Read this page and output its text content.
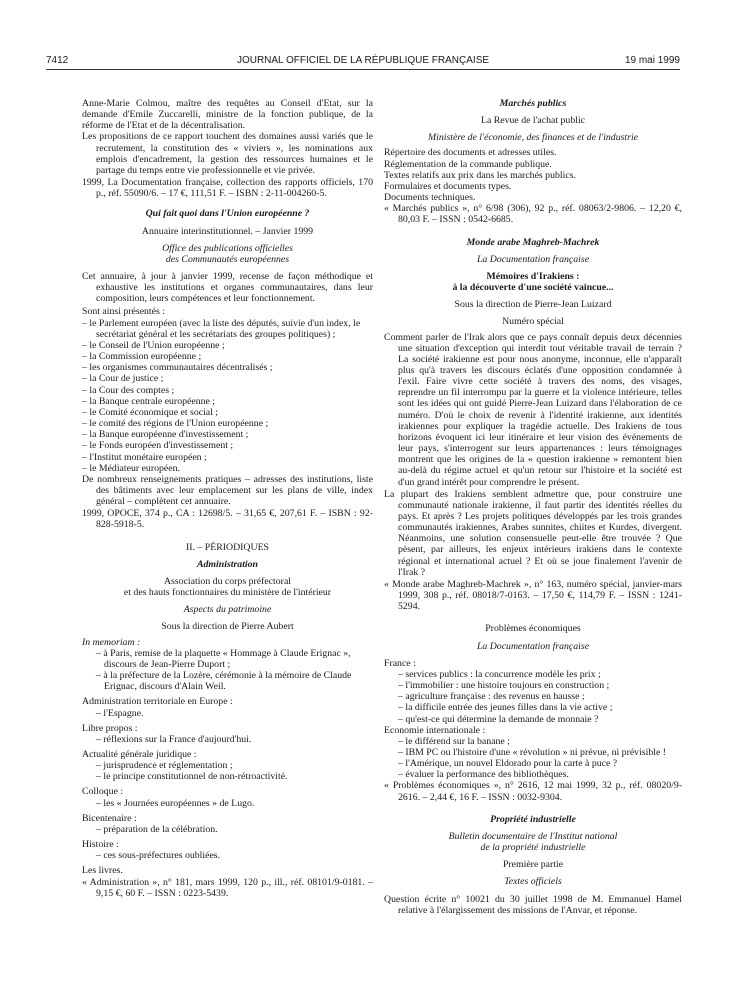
7412	JOURNAL OFFICIEL DE LA RÉPUBLIQUE FRANÇAISE	19 mai 1999

Anne-Marie Colmou, maître des requêtes au Conseil d'Etat, sur la demande d'Emile Zuccarelli, ministre de la fonction publique, de la réforme de l'Etat et de la décentralisation.

Les propositions de ce rapport touchent des domaines aussi variés que le recrutement, la constitution des « viviers », les nominations aux emplois d'encadrement, la gestion des ressources humaines et le partage du temps entre vie professionnelle et vie privée.

1999, La Documentation française, collection des rapports officiels, 170 p., réf. 55090/6. – 17 €, 111,51 F. – ISBN : 2-11-004260-5.

Qui fait quoi dans l'Union européenne ?

Annuaire interinstitutionnel. – Janvier 1999

Office des publications officielles

des Communautés européennes

Cet annuaire, à jour à janvier 1999, recense de façon méthodique et exhaustive les institutions et organes communautaires, dans leur composition, leurs compétences et leur fonctionnement.

Sont ainsi présentés :

– le Parlement européen (avec la liste des députés, suivie d'un index, le secrétariat général et les secrétariats des groupes politiques) ;

– le Conseil de l'Union européenne ;

– la Commission européenne ;

– les organismes communautaires décentralisés ;

– la Cour de justice ;

– la Cour des comptes ;

– la Banque centrale européenne ;

– le Comité économique et social ;

– le comité des régions de l'Union européenne ;

– la Banque européenne d'investissement ;

– le Fonds européen d'investissement ;

– l'Institut monétaire européen ;

– le Médiateur européen.

De nombreux renseignements pratiques – adresses des institutions, liste des bâtiments avec leur emplacement sur les plans de ville, index général – complètent cet annuaire.

1999, OPOCE, 374 p., CA : 12698/5. – 31,65 €, 207,61 F. – ISBN : 92-828-5918-5.

II. – PÉRIODIQUES

Administration

Association du corps préfectoral

et des hauts fonctionnaires du ministère de l'intérieur

Aspects du patrimoine

Sous la direction de Pierre Aubert

In memoriam :

– à Paris, remise de la plaquette « Hommage à Claude Erignac », discours de Jean-Pierre Duport ;

– à la préfecture de la Lozère, cérémonie à la mémoire de Claude Erignac, discours d'Alain Weil.

Administration territoriale en Europe :

– l'Espagne.

Libre propos :

– réflexions sur la France d'aujourd'hui.

Actualité générale juridique :

– jurisprudence et réglementation ;

– le principe constitutionnel de non-rétroactivité.

Colloque :

– les « Journées européennes » de Lugo.

Bicentenaire :

– préparation de la célébration.

Histoire :

– ces sous-préfectures oubliées.

Les livres.

« Administration », n° 181, mars 1999, 120 p., ill., réf. 08101/9-0181. – 9,15 €, 60 F. – ISSN : 0223-5439.

Marchés publics

La Revue de l'achat public

Ministère de l'économie, des finances et de l'industrie

Répertoire des documents et adresses utiles.

Réglementation de la commande publique.

Textes relatifs aux prix dans les marchés publics.

Formulaires et documents types.

Documents techniques.

« Marchés publics », n° 6/98 (306), 92 p., réf. 08063/2-9806. – 12,20 €, 80,03 F. – ISSN : 0542-6685.

Monde arabe Maghreb-Machrek

La Documentation française

Mémoires d'Irakiens :

à la découverte d'une société vaincue...

Sous la direction de Pierre-Jean Luizard

Numéro spécial

Comment parler de l'Irak alors que ce pays connaît depuis deux décennies une situation d'exception qui interdit tout véritable travail de terrain ? La société irakienne est pour nous anonyme, inconnue, elle n'apparaît plus qu'à travers les discours éclatés d'une opposition condamnée à l'exil. Faire vivre cette société à travers des noms, des visages, reprendre un fil interrompu par la guerre et la violence intérieure, telles sont les idées qui ont guidé Pierre-Jean Luizard dans l'élaboration de ce numéro. D'où le choix de revenir à l'identité irakienne, aux identités irakiennes pour expliquer la tragédie actuelle. Des Irakiens de tous horizons évoquent ici leur itinéraire et leur vision des événements de leur pays, s'interrogent sur leurs appartenances : leurs témoignages montrent que les origines de la « question irakienne » remontent bien au-delà du régime actuel et qu'un retour sur l'histoire et la société est d'un grand intérêt pour comprendre le présent.

La plupart des Irakiens semblent admettre que, pour construire une communauté nationale irakienne, il faut partir des identités réelles du pays. Et après ? Les projets politiques développés par les trois grandes communautés irakiennes, Arabes sunnites, chiites et Kurdes, divergent. Néanmoins, une solution consensuelle peut-elle être trouvée ? Que pèsent, par ailleurs, les enjeux intérieurs irakiens dans le contexte régional et international actuel ? Et où se joue finalement l'avenir de l'Irak ?

« Monde arabe Maghreb-Machrek », n° 163, numéro spécial, janvier-mars 1999, 308 p., réf. 08018/7-0163. – 17,50 €, 114,79 F. – ISSN : 1241-5294.

Problèmes économiques

La Documentation française

France :

– services publics : la concurrence modèle les prix ;

– l'immobilier : une histoire toujours en construction ;

– agriculture française : des revenus en hausse ;

– la difficile entrée des jeunes filles dans la vie active ;

– qu'est-ce qui détermine la demande de monnaie ?

Economie internationale :

– le différend sur la banane ;

– IBM PC ou l'histoire d'une « révolution » ni prévue, ni prévisible !

– l'Amérique, un nouvel Eldorado pour la carte à puce ?

– évaluer la performance des bibliothèques.

« Problèmes économiques », n° 2616, 12 mai 1999, 32 p., réf. 08020/9-2616. – 2,44 €, 16 F. – ISSN : 0032-9304.

Propriété industrielle

Bulletin documentaire de l'Institut national

de la propriété industrielle

Première partie

Textes officiels

Question écrite n° 10021 du 30 juillet 1998 de M. Emmanuel Hamel relative à l'élargissement des missions de l'Anvar, et réponse.
